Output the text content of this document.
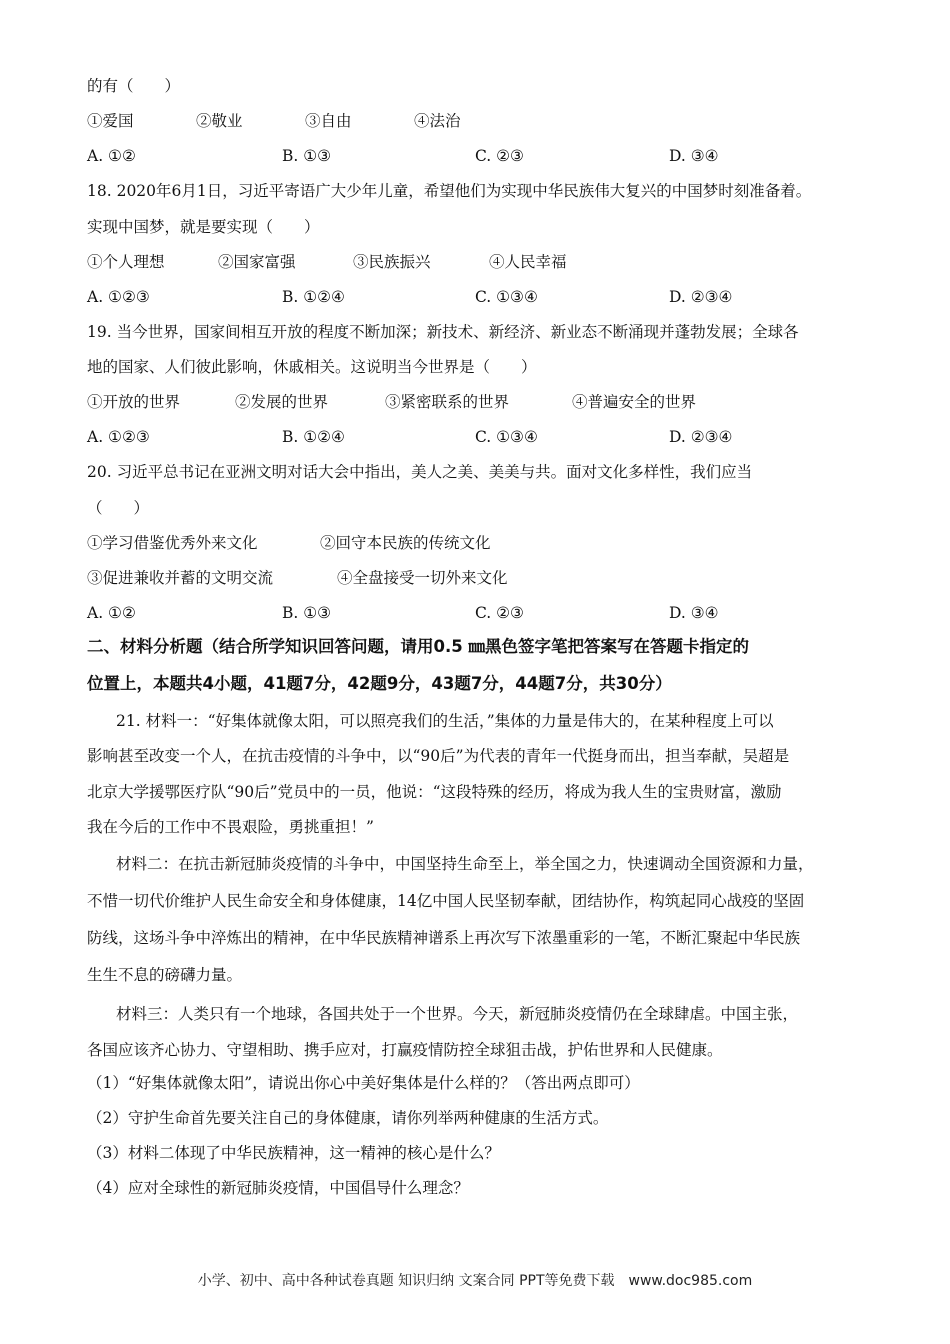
的有（　　）
①爱国	②敬业	③自由	④法治
A. ①②	B. ①③	C. ②③	D. ③④
18. 2020年6月1日，习近平寄语广大少年儿童，希望他们为实现中华民族伟大复兴的中国梦时刻准备着。
实现中国梦，就是要实现（　　）
①个人理想	②国家富强	③民族振兴	④人民幸福
A. ①②③	B. ①②④	C. ①③④	D. ②③④
19. 当今世界，国家间相互开放的程度不断加深；新技术、新经济、新业态不断涌现并蓬勃发展；全球各
地的国家、人们彼此影响，休戚相关。这说明当今世界是（　　）
①开放的世界	②发展的世界	③紧密联系的世界	④普遍安全的世界
A. ①②③	B. ①②④	C. ①③④	D. ②③④
20. 习近平总书记在亚洲文明对话大会中指出，美人之美、美美与共。面对文化多样性，我们应当
（　　）
①学习借鉴优秀外来文化	②回守本民族的传统文化
③促进兼收并蓄的文明交流	④全盘接受一切外来文化
A. ①②	B. ①③	C. ②③	D. ③④
二、材料分析题（结合所学知识回答问题，请用0.5 ㎜黑色签字笔把答案写在答题卡指定的
位置上，本题共4小题，41题7分，42题9分，43题7分，44题7分，共30分）
21. 材料一：“好集体就像太阳，可以照亮我们的生活，”集体的力量是伟大的，在某种程度上可以
影响甚至改变一个人，在抗击疫情的斗争中，以“90后”为代表的青年一代挺身而出，担当奉献，吴超是
北京大学援鄂医疗队“90后”党员中的一员，他说：“这段特殊的经历，将成为我人生的宝贵财富，激励
我在今后的工作中不畏艰险，勇挑重担！”
材料二：在抗击新冠肺炎疫情的斗争中，中国坚持生命至上，举全国之力，快速调动全国资源和力量，
不惜一切代价维护人民生命安全和身体健康，14亿中国人民坚韧奉献，团结协作，构筑起同心战疫的坚固
防线，这场斗争中淬炼出的精神，在中华民族精神谱系上再次写下浓墨重彩的一笔，不断汇聚起中华民族
生生不息的磅礴力量。
材料三：人类只有一个地球，各国共处于一个世界。今天，新冠肺炎疫情仍在全球肆虐。中国主张，
各国应该齐心协力、守望相助、携手应对，打赢疫情防控全球狙击战，护佑世界和人民健康。
（1）“好集体就像太阳”，请说出你心中美好集体是什么样的？（答出两点即可）
（2）守护生命首先要关注自己的身体健康，请你列举两种健康的生活方式。
（3）材料二体现了中华民族精神，这一精神的核心是什么？
（4）应对全球性的新冠肺炎疫情，中国倡导什么理念？
小学、初中、高中各种试卷真题 知识归纳 文案合同 PPT等免费下载　www.doc985.com
